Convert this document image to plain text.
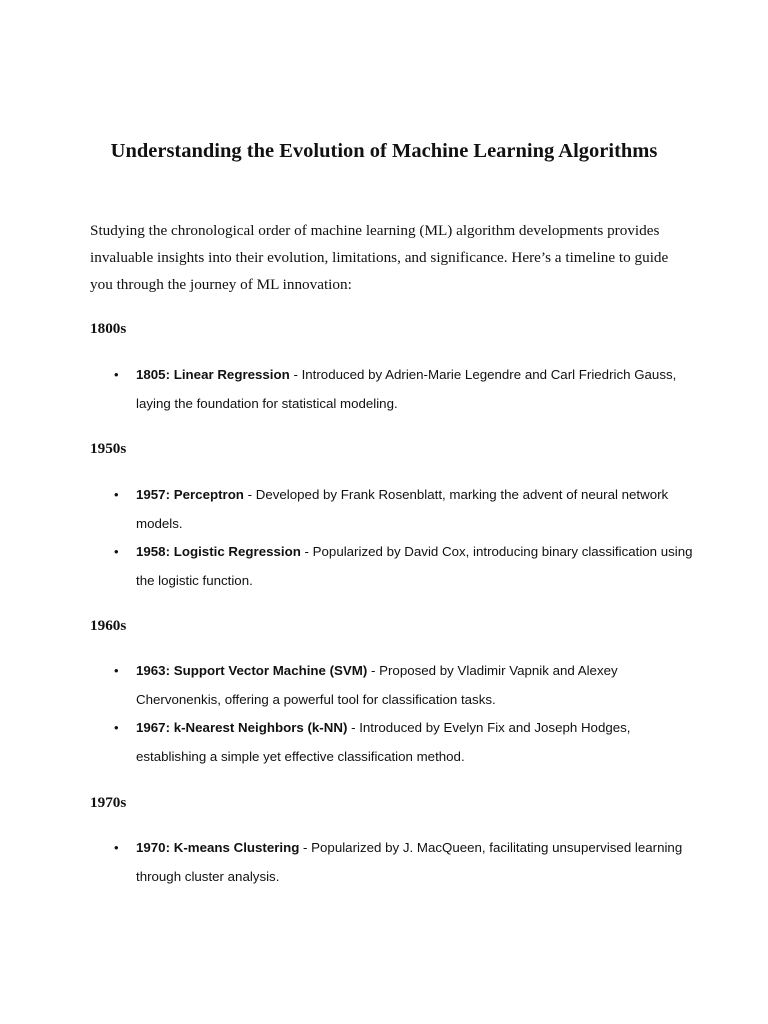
Understanding the Evolution of Machine Learning Algorithms

Studying the chronological order of machine learning (ML) algorithm developments provides invaluable insights into their evolution, limitations, and significance. Here’s a timeline to guide you through the journey of ML innovation:

1800s

• 1805: Linear Regression - Introduced by Adrien-Marie Legendre and Carl Friedrich Gauss, laying the foundation for statistical modeling.

1950s

• 1957: Perceptron - Developed by Frank Rosenblatt, marking the advent of neural network models.

• 1958: Logistic Regression - Popularized by David Cox, introducing binary classification using the logistic function.

1960s

• 1963: Support Vector Machine (SVM) - Proposed by Vladimir Vapnik and Alexey Chervonenkis, offering a powerful tool for classification tasks.

• 1967: k-Nearest Neighbors (k-NN) - Introduced by Evelyn Fix and Joseph Hodges, establishing a simple yet effective classification method.

1970s

• 1970: K-means Clustering - Popularized by J. MacQueen, facilitating unsupervised learning through cluster analysis.
